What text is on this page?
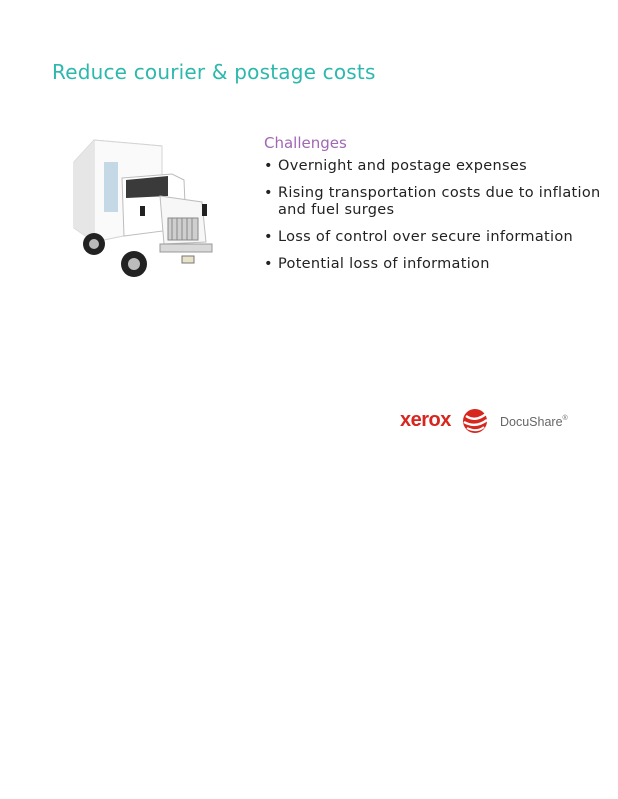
Reduce courier & postage costs
Challenges
• Overnight and postage expenses
• Rising transportation costs due to inflation and fuel surges
• Loss of control over secure information
• Potential loss of information
xerox	DocuShare®
